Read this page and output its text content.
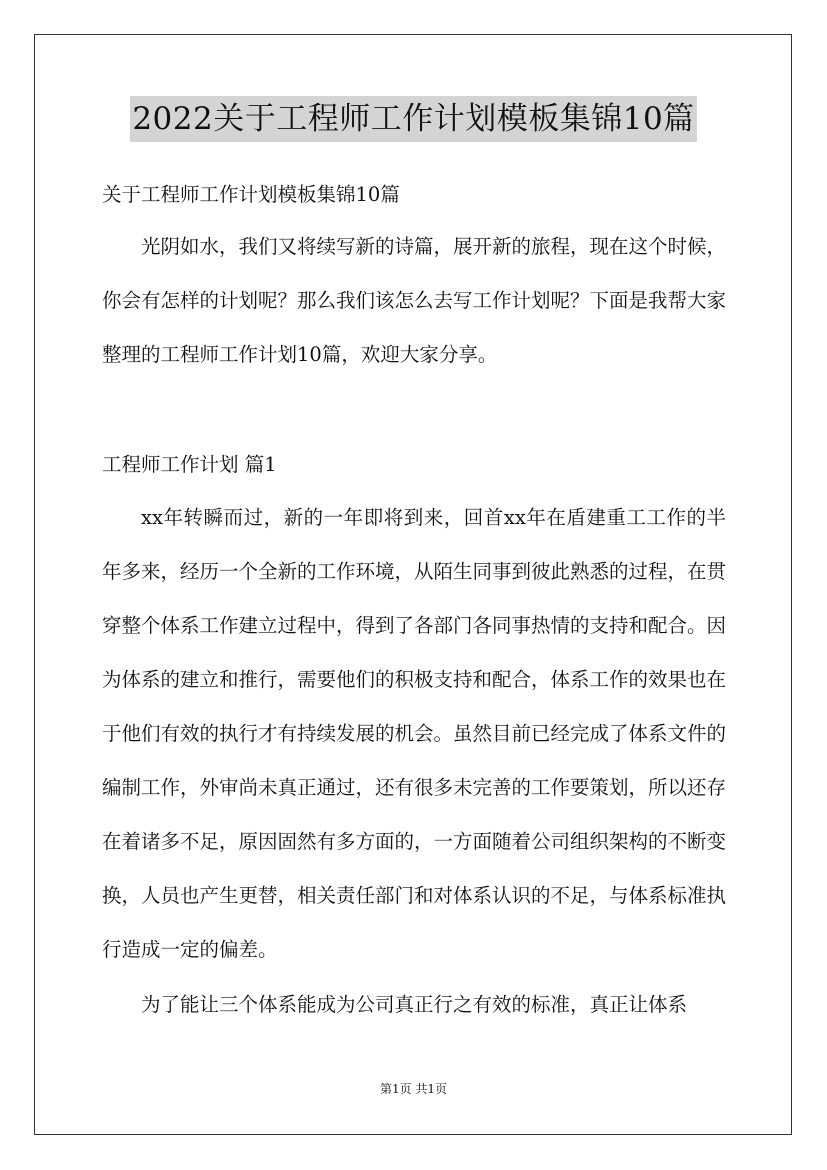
2022关于工程师工作计划模板集锦10篇

关于工程师工作计划模板集锦10篇

光阴如水，我们又将续写新的诗篇，展开新的旅程，现在这个时候，你会有怎样的计划呢？那么我们该怎么去写工作计划呢？下面是我帮大家整理的工程师工作计划10篇，欢迎大家分享。

工程师工作计划 篇1

xx年转瞬而过，新的一年即将到来，回首xx年在盾建重工工作的半年多来，经历一个全新的工作环境，从陌生同事到彼此熟悉的过程，在贯穿整个体系工作建立过程中，得到了各部门各同事热情的支持和配合。因为体系的建立和推行，需要他们的积极支持和配合，体系工作的效果也在于他们有效的执行才有持续发展的机会。虽然目前已经完成了体系文件的编制工作，外审尚未真正通过，还有很多未完善的工作要策划，所以还存在着诸多不足，原因固然有多方面的，一方面随着公司组织架构的不断变换，人员也产生更替，相关责任部门和对体系认识的不足，与体系标准执行造成一定的偏差。

为了能让三个体系能成为公司真正行之有效的标准，真正让体系

第1页 共1页
